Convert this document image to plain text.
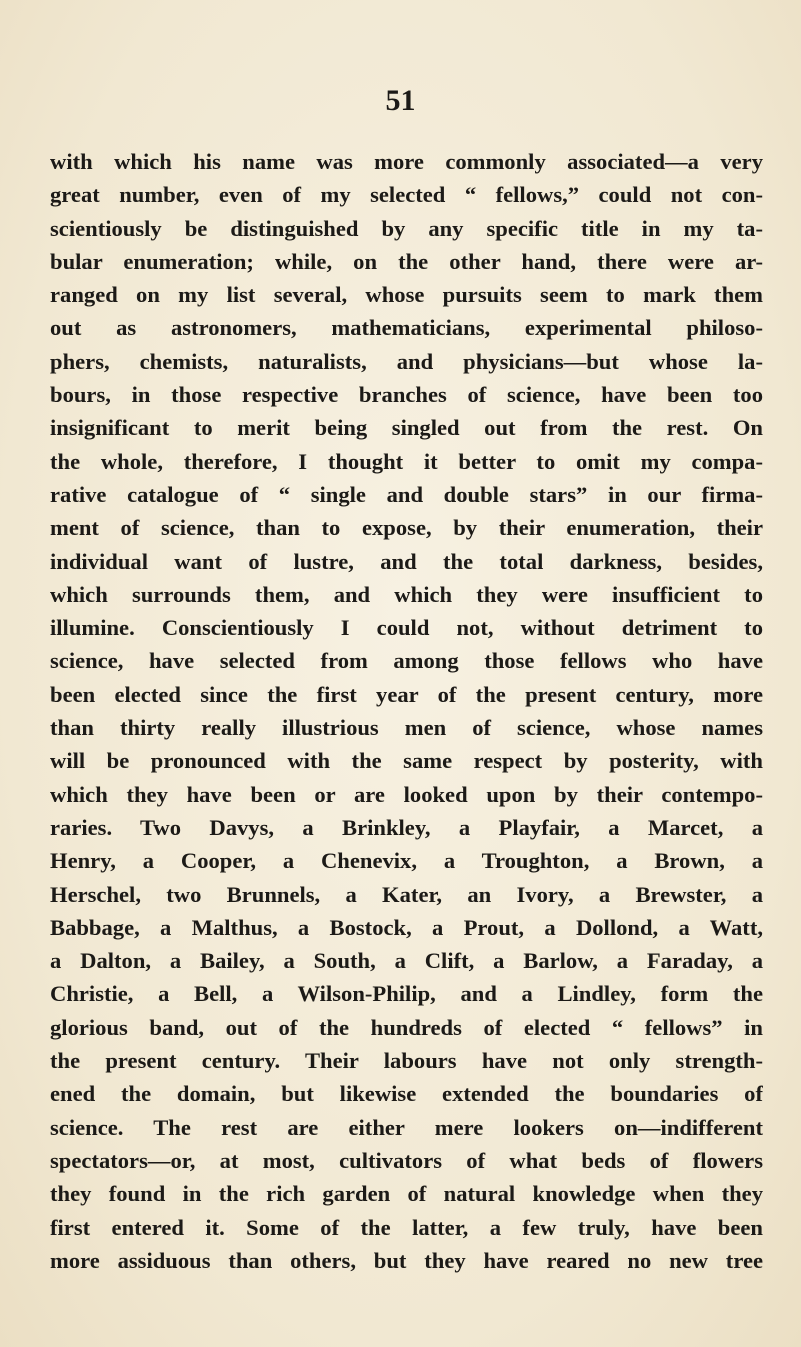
51
with which his name was more commonly associated—a very
great number, even of my selected “ fellows,” could not con-
scientiously be distinguished by any specific title in my ta-
bular enumeration; while, on the other hand, there were ar-
ranged on my list several, whose pursuits seem to mark them
out as astronomers, mathematicians, experimental philoso-
phers, chemists, naturalists, and physicians—but whose la-
bours, in those respective branches of science, have been too
insignificant to merit being singled out from the rest. On
the whole, therefore, I thought it better to omit my compa-
rative catalogue of “ single and double stars” in our firma-
ment of science, than to expose, by their enumeration, their
individual want of lustre, and the total darkness, besides,
which surrounds them, and which they were insufficient to
illumine. Conscientiously I could not, without detriment to
science, have selected from among those fellows who have
been elected since the first year of the present century, more
than thirty really illustrious men of science, whose names
will be pronounced with the same respect by posterity, with
which they have been or are looked upon by their contempo-
raries. Two Davys, a Brinkley, a Playfair, a Marcet, a
Henry, a Cooper, a Chenevix, a Troughton, a Brown, a
Herschel, two Brunnels, a Kater, an Ivory, a Brewster, a
Babbage, a Malthus, a Bostock, a Prout, a Dollond, a Watt,
a Dalton, a Bailey, a South, a Clift, a Barlow, a Faraday, a
Christie, a Bell, a Wilson-Philip, and a Lindley, form the
glorious band, out of the hundreds of elected “ fellows” in
the present century. Their labours have not only strength-
ened the domain, but likewise extended the boundaries of
science. The rest are either mere lookers on—indifferent
spectators—or, at most, cultivators of what beds of flowers
they found in the rich garden of natural knowledge when they
first entered it. Some of the latter, a few truly, have been
more assiduous than others, but they have reared no new tree
